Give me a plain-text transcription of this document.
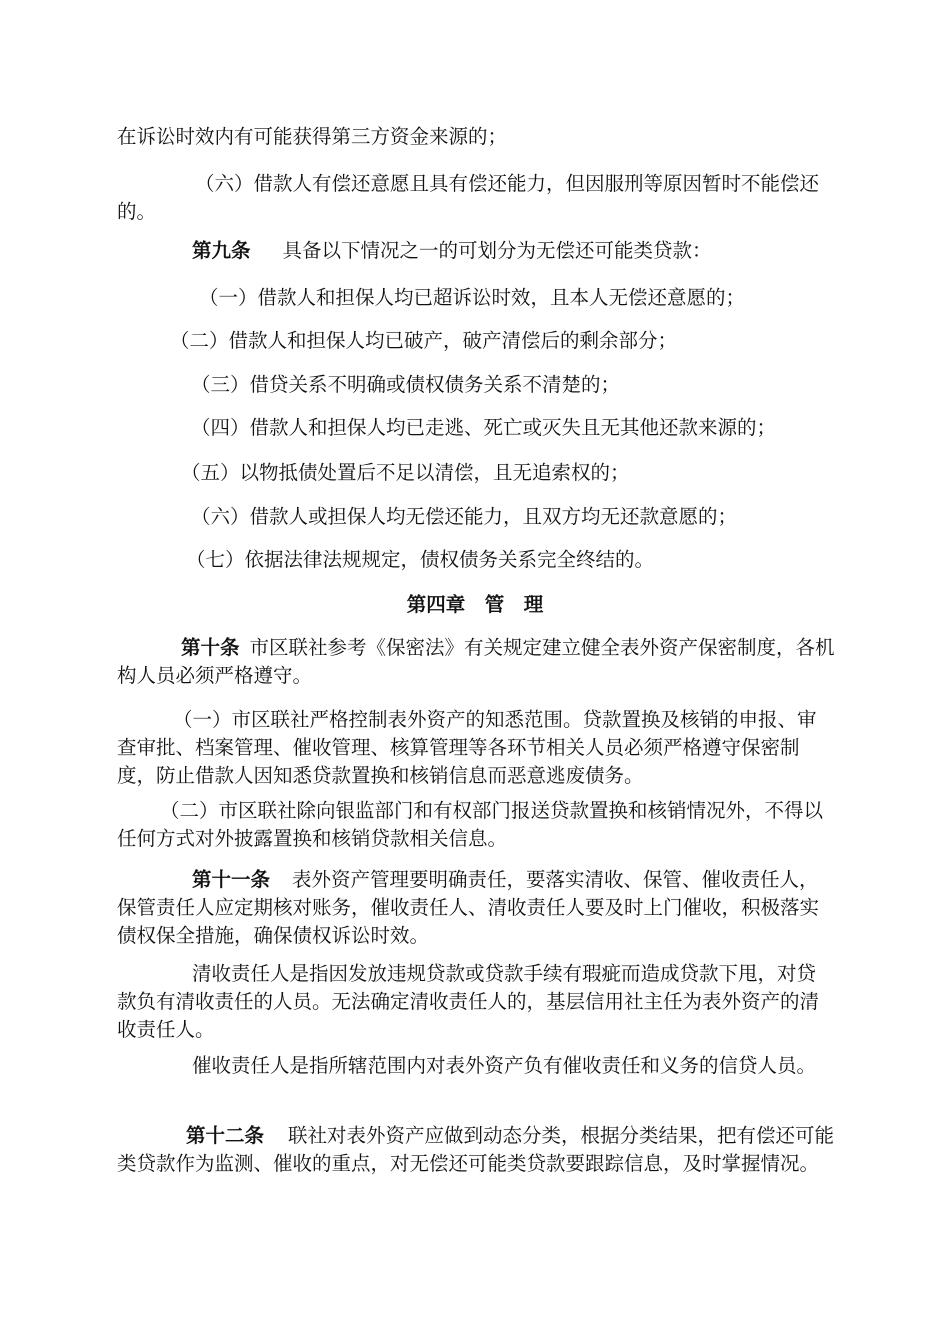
在诉讼时效内有可能获得第三方资金来源的；
（六）借款人有偿还意愿且具有偿还能力，但因服刑等原因暂时不能偿还的。
第九条 具备以下情况之一的可划分为无偿还可能类贷款：
（一）借款人和担保人均已超诉讼时效，且本人无偿还意愿的；
（二）借款人和担保人均已破产，破产清偿后的剩余部分；
（三）借贷关系不明确或债权债务关系不清楚的；
（四）借款人和担保人均已走逃、死亡或灭失且无其他还款来源的；
（五）以物抵债处置后不足以清偿，且无追索权的；
（六）借款人或担保人均无偿还能力，且双方均无还款意愿的；
（七）依据法律法规规定，债权债务关系完全终结的。
第四章　管　理
第十条 市区联社参考《保密法》有关规定建立健全表外资产保密制度，各机构人员必须严格遵守。
（一）市区联社严格控制表外资产的知悉范围。贷款置换及核销的申报、审查审批、档案管理、催收管理、核算管理等各环节相关人员必须严格遵守保密制度，防止借款人因知悉贷款置换和核销信息而恶意逃废债务。
（二）市区联社除向银监部门和有权部门报送贷款置换和核销情况外，不得以任何方式对外披露置换和核销贷款相关信息。
第十一条 表外资产管理要明确责任，要落实清收、保管、催收责任人，保管责任人应定期核对账务，催收责任人、清收责任人要及时上门催收，积极落实债权保全措施，确保债权诉讼时效。
清收责任人是指因发放违规贷款或贷款手续有瑕疵而造成贷款下甩，对贷款负有清收责任的人员。无法确定清收责任人的，基层信用社主任为表外资产的清收责任人。
催收责任人是指所辖范围内对表外资产负有催收责任和义务的信贷人员。
第十二条 联社对表外资产应做到动态分类，根据分类结果，把有偿还可能类贷款作为监测、催收的重点，对无偿还可能类贷款要跟踪信息，及时掌握情况。
